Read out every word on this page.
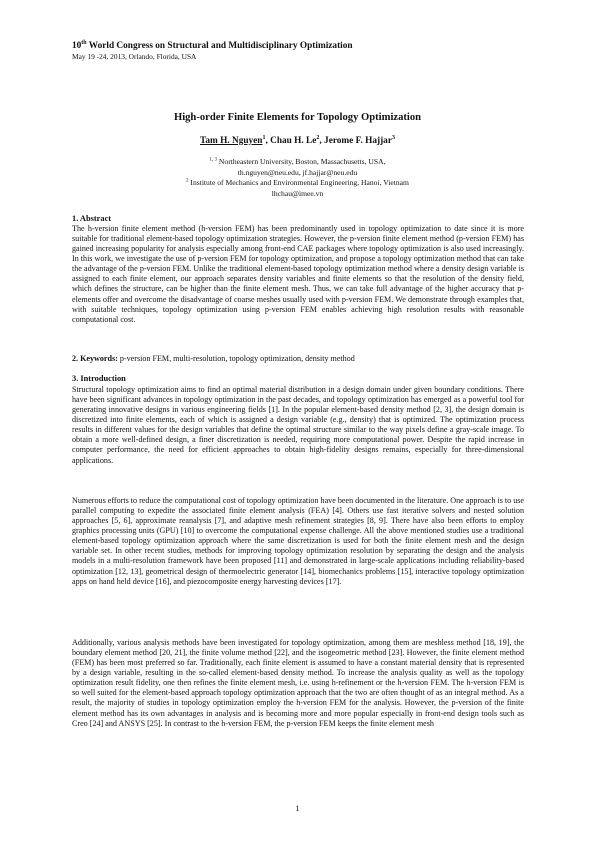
10th World Congress on Structural and Multidisciplinary Optimization
May 19 -24, 2013, Orlando, Florida, USA
High-order Finite Elements for Topology Optimization
Tam H. Nguyen$^1$, Chau H. Le$^2$, Jerome F. Hajjar$^3$
$^{1, 3}$ Northeastern University, Boston, Massachusetts, USA,
th.nguyen@neu.edu, jf.hajjar@neu.edu
$^2$ Institute of Mechanics and Environmental Engineering, Hanoi, Vietnam
lhchau@imee.vn
1. Abstract

The h-version finite element method (h-version FEM) has been predominantly used in topology optimization to date since it is more suitable for traditional element-based topology optimization strategies. However, the p-version finite element method (p-version FEM) has gained increasing popularity for analysis especially among front-end CAE packages where topology optimization is also used increasingly. In this work, we investigate the use of p-version FEM for topology optimization, and propose a topology optimization method that can take the advantage of the p-version FEM. Unlike the traditional element-based topology optimization method where a density design variable is assigned to each finite element, our approach separates density variables and finite elements so that the resolution of the density field, which defines the structure, can be higher than the finite element mesh. Thus, we can take full advantage of the higher accuracy that p-elements offer and overcome the disadvantage of coarse meshes usually used with p-version FEM. We demonstrate through examples that, with suitable techniques, topology optimization using p-version FEM enables achieving high resolution results with reasonable computational cost.

2. Keywords: p-version FEM, multi-resolution, topology optimization, density method

3. Introduction

Structural topology optimization aims to find an optimal material distribution in a design domain under given boundary conditions. There have been significant advances in topology optimization in the past decades, and topology optimization has emerged as a powerful tool for generating innovative designs in various engineering fields [1]. In the popular element-based density method [2, 3], the design domain is discretized into finite elements, each of which is assigned a design variable (e.g., density) that is optimized. The optimization process results in different values for the design variables that define the optimal structure similar to the way pixels define a gray-scale image. To obtain a more well-defined design, a finer discretization is needed, requiring more computational power. Despite the rapid increase in computer performance, the need for efficient approaches to obtain high-fidelity designs remains, especially for three-dimensional applications.

Numerous efforts to reduce the computational cost of topology optimization have been documented in the literature. One approach is to use parallel computing to expedite the associated finite element analysis (FEA) [4]. Others use fast iterative solvers and nested solution approaches [5, 6], approximate reanalysis [7], and adaptive mesh refinement strategies [8, 9]. There have also been efforts to employ graphics processing units (GPU) [10] to overcome the computational expense challenge. All the above mentioned studies use a traditional element-based topology optimization approach where the same discretization is used for both the finite element mesh and the design variable set. In other recent studies, methods for improving topology optimization resolution by separating the design and the analysis models in a multi-resolution framework have been proposed [11] and demonstrated in large-scale applications including reliability-based optimization [12, 13], geometrical design of thermoelectric generator [14], biomechanics problems [15], interactive topology optimization apps on hand held device [16], and piezocomposite energy harvesting devices [17].

Additionally, various analysis methods have been investigated for topology optimization, among them are meshless method [18, 19], the boundary element method [20, 21], the finite volume method [22], and the isogeometric method [23]. However, the finite element method (FEM) has been most preferred so far. Traditionally, each finite element is assumed to have a constant material density that is represented by a design variable, resulting in the so-called element-based density method. To increase the analysis quality as well as the topology optimization result fidelity, one then refines the finite element mesh, i.e. using h-refinement or the h-version FEM. The h-version FEM is so well suited for the element-based approach topology optimization approach that the two are often thought of as an integral method. As a result, the majority of studies in topology optimization employ the h-version FEM for the analysis. However, the p-version of the finite element method has its own advantages in analysis and is becoming more and more popular especially in front-end design tools such as Creo [24] and ANSYS [25]. In contrast to the h-version FEM, the p-version FEM keeps the finite element mesh

1
